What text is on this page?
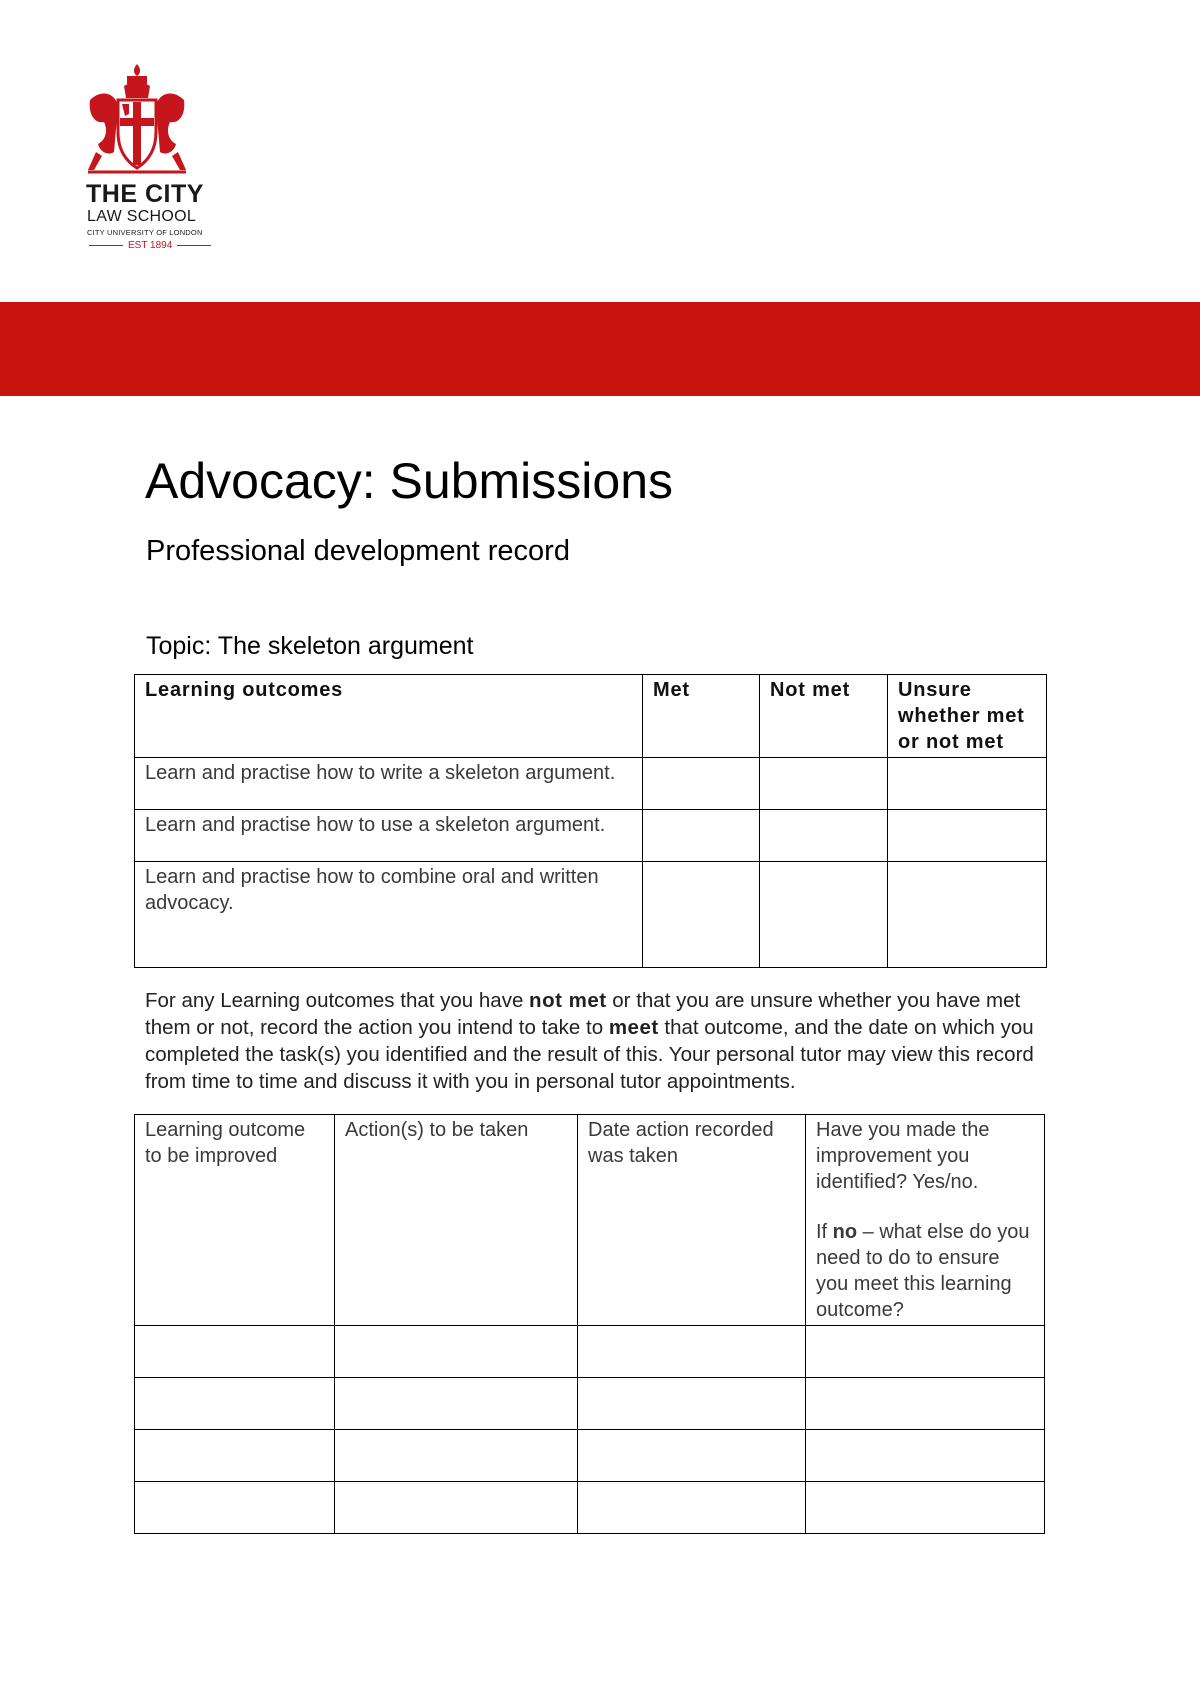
THE CITY
LAW SCHOOL
CITY UNIVERSITY OF LONDON
EST 1894
Advocacy: Submissions
Professional development record
Topic: The skeleton argument
Learning outcomes	Met	Not met	Unsure whether met or not met
Learn and practise how to write a skeleton argument.			
Learn and practise how to use a skeleton argument.			
Learn and practise how to combine oral and written advocacy.			

For any Learning outcomes that you have not met or that you are unsure whether you have met them or not, record the action you intend to take to meet that outcome, and the date on which you completed the task(s) you identified and the result of this. Your personal tutor may view this record from time to time and discuss it with you in personal tutor appointments.

Learning outcome to be improved	Action(s) to be taken	Date action recorded was taken	Have you made the improvement you identified? Yes/no.
If no – what else do you need to do to ensure you meet this learning outcome?
